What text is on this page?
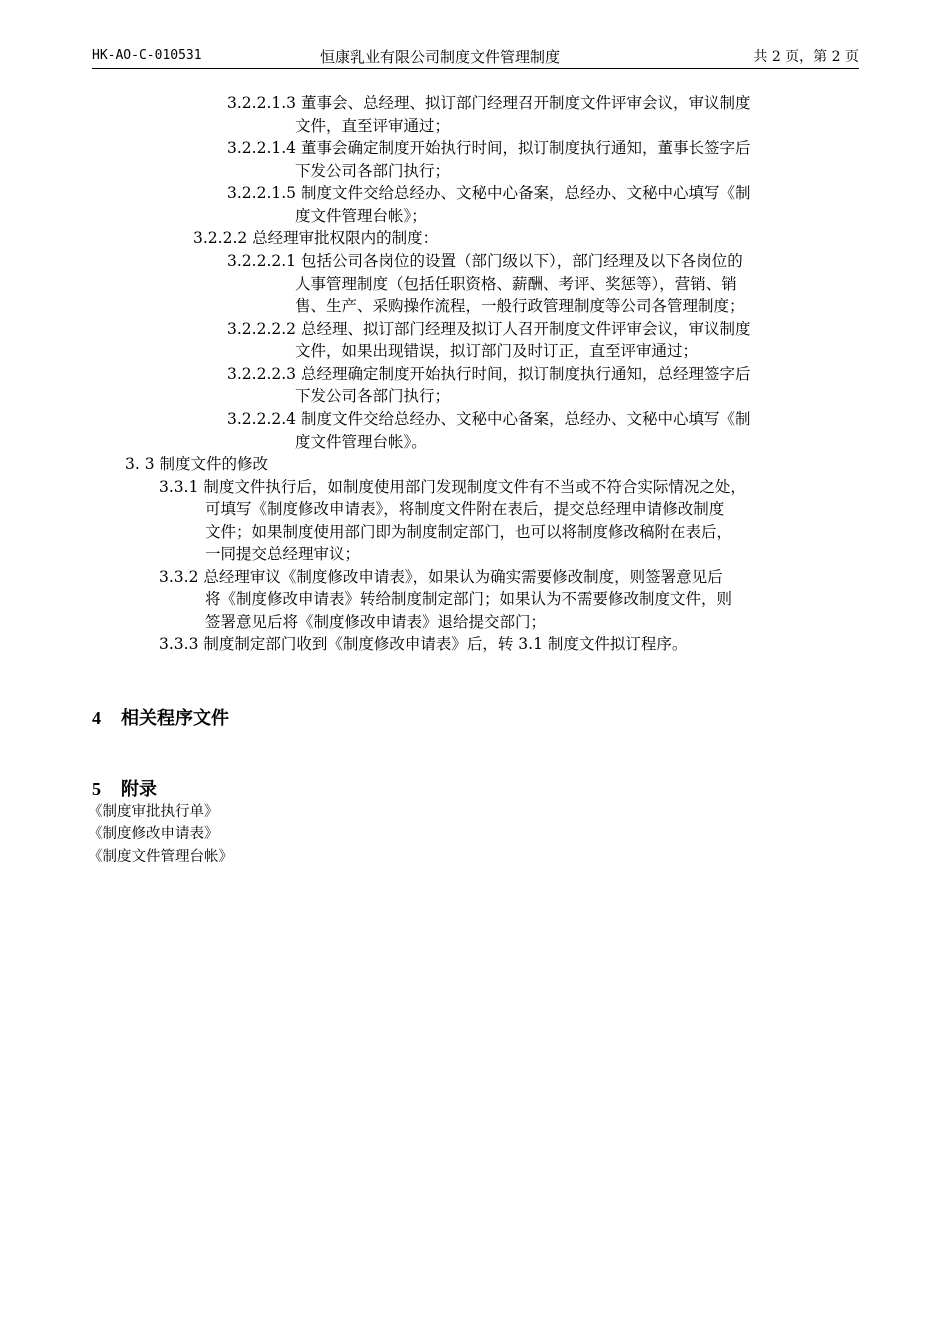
HK-AO-C-010531	恒康乳业有限公司制度文件管理制度	共 2 页，第 2 页
3.2.2.1.3 董事会、总经理、拟订部门经理召开制度文件评审会议，审议制度
文件，直至评审通过；
3.2.2.1.4 董事会确定制度开始执行时间，拟订制度执行通知，董事长签字后
下发公司各部门执行；
3.2.2.1.5 制度文件交给总经办、文秘中心备案，总经办、文秘中心填写《制
度文件管理台帐》；
3.2.2.2 总经理审批权限内的制度：
3.2.2.2.1 包括公司各岗位的设置（部门级以下），部门经理及以下各岗位的
人事管理制度（包括任职资格、薪酬、考评、奖惩等），营销、销
售、生产、采购操作流程，一般行政管理制度等公司各管理制度；
3.2.2.2.2 总经理、拟订部门经理及拟订人召开制度文件评审会议，审议制度
文件，如果出现错误，拟订部门及时订正，直至评审通过；
3.2.2.2.3 总经理确定制度开始执行时间，拟订制度执行通知，总经理签字后
下发公司各部门执行；
3.2.2.2.4 制度文件交给总经办、文秘中心备案，总经办、文秘中心填写《制
度文件管理台帐》。
3. 3 制度文件的修改
3.3.1 制度文件执行后，如制度使用部门发现制度文件有不当或不符合实际情况之处，
可填写《制度修改申请表》，将制度文件附在表后，提交总经理申请修改制度
文件；如果制度使用部门即为制度制定部门，也可以将制度修改稿附在表后，
一同提交总经理审议；
3.3.2 总经理审议《制度修改申请表》，如果认为确实需要修改制度，则签署意见后
将《制度修改申请表》转给制度制定部门；如果认为不需要修改制度文件，则
签署意见后将《制度修改申请表》退给提交部门；
3.3.3 制度制定部门收到《制度修改申请表》后，转 3.1 制度文件拟订程序。
4 相关程序文件
5 附录
《制度审批执行单》
《制度修改申请表》
《制度文件管理台帐》
